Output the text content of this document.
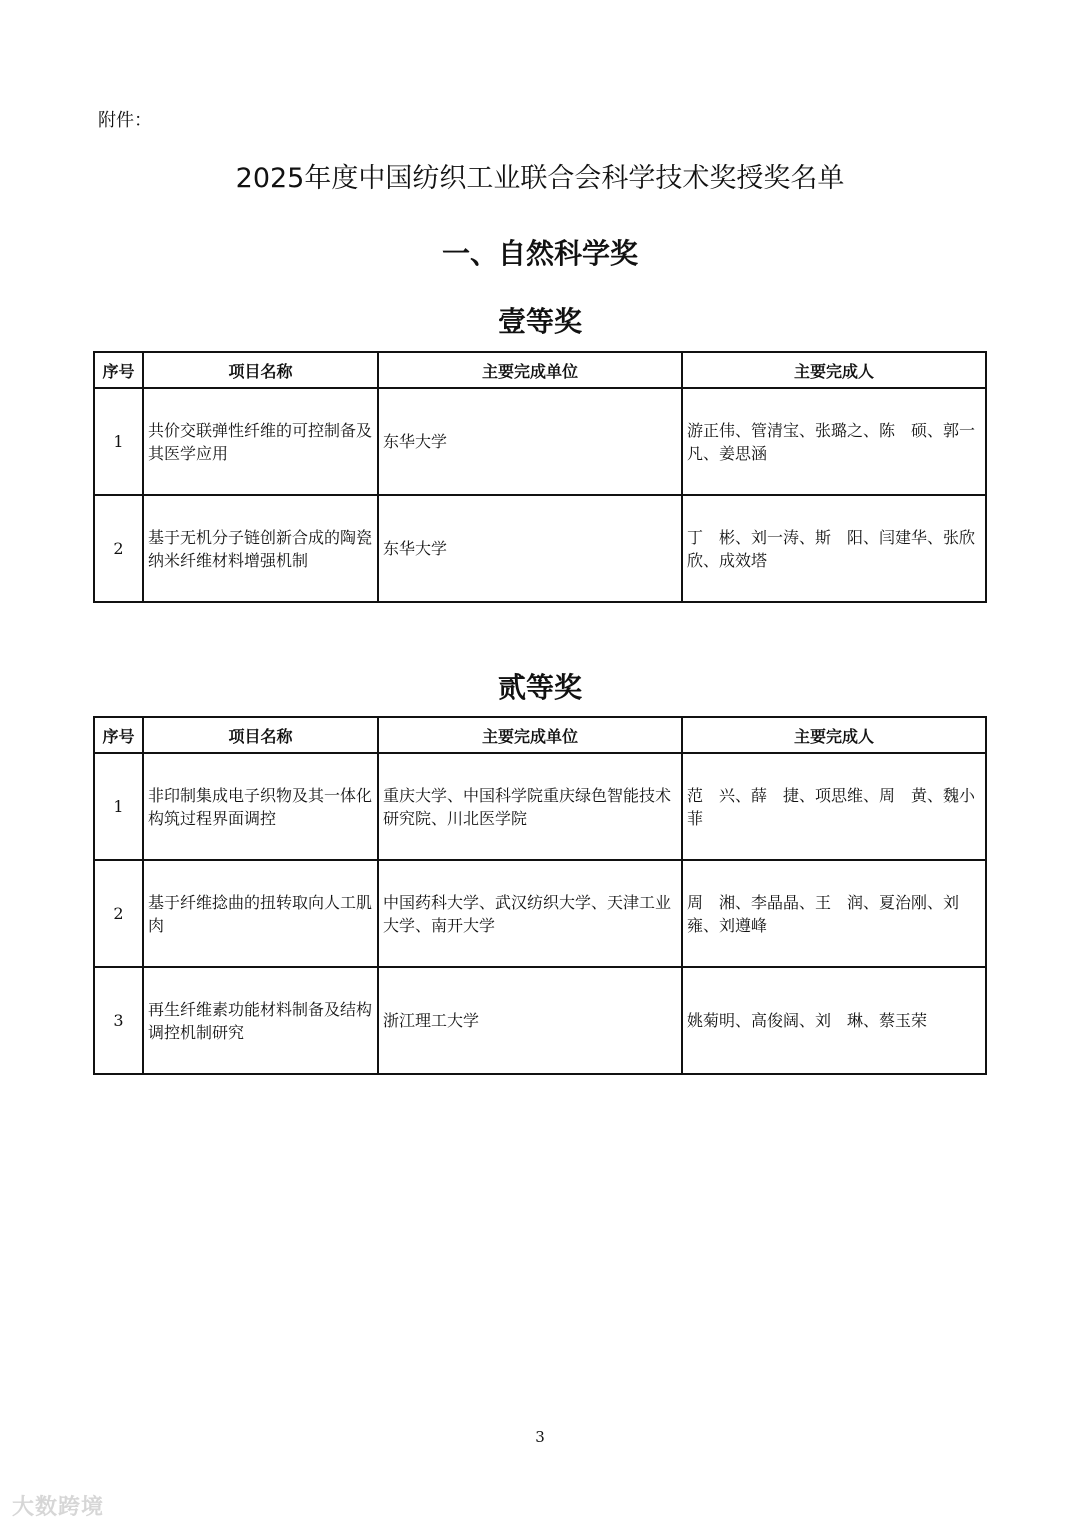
附件：
2025年度中国纺织工业联合会科学技术奖授奖名单
一、自然科学奖
壹等奖
序号	项目名称	主要完成单位	主要完成人
1	共价交联弹性纤维的可控制备及其医学应用	东华大学	游正伟、管清宝、张璐之、陈　硕、郭一凡、姜思涵
2	基于无机分子链创新合成的陶瓷纳米纤维材料增强机制	东华大学	丁　彬、刘一涛、斯　阳、闫建华、张欣欣、成效塔
贰等奖
序号	项目名称	主要完成单位	主要完成人
1	非印制集成电子织物及其一体化构筑过程界面调控	重庆大学、中国科学院重庆绿色智能技术研究院、川北医学院	范　兴、薛　捷、项思维、周　黄、魏小菲
2	基于纤维捻曲的扭转取向人工肌肉	中国药科大学、武汉纺织大学、天津工业大学、南开大学	周　湘、李晶晶、王　润、夏治刚、刘　雍、刘遵峰
3	再生纤维素功能材料制备及结构调控机制研究	浙江理工大学	姚菊明、高俊阔、刘　琳、蔡玉荣
3
大数跨境
